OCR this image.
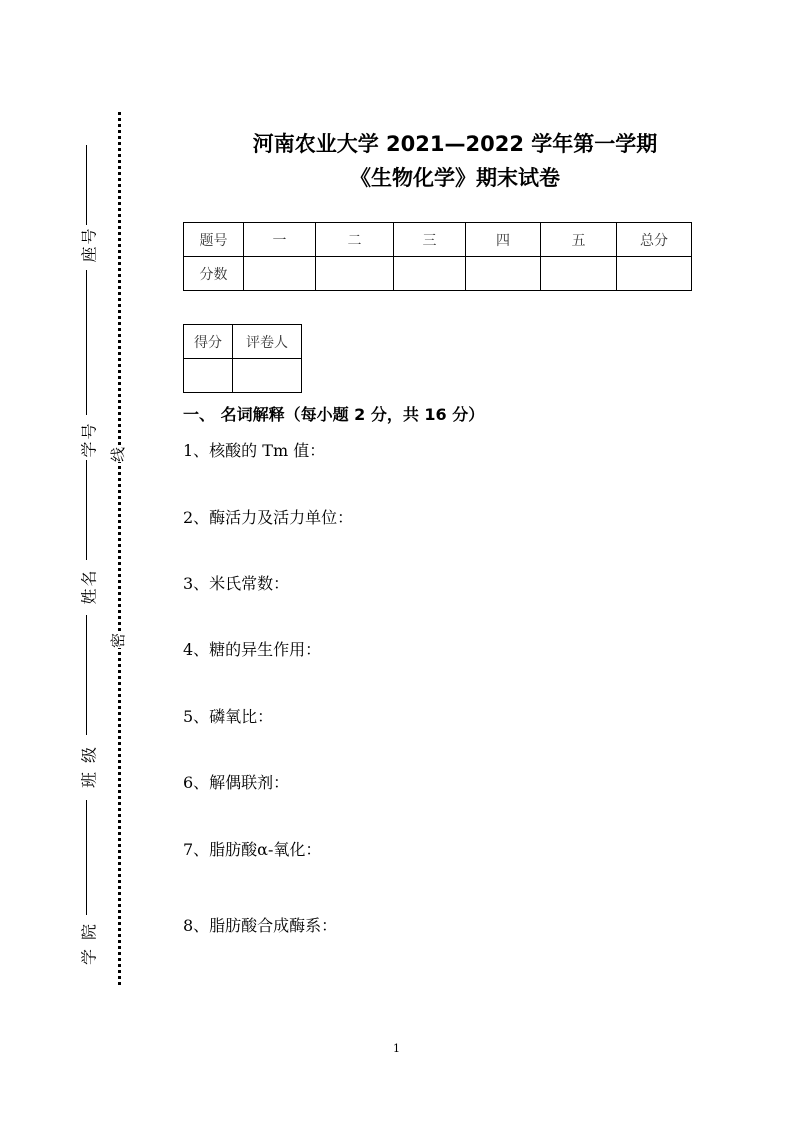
河南农业大学 2021—2022 学年第一学期
《生物化学》期末试卷
座号
学号
姓名
班 级
学 院
线
密
题号	一	二	三	四	五	总分
分数						
得分	评卷人

一、 名词解释（每小题 2 分，共 16 分）
1、核酸的 Tm 值：
2、酶活力及活力单位：
3、米氏常数：
4、糖的异生作用：
5、磷氧比：
6、解偶联剂：
7、脂肪酸α-氧化：
8、脂肪酸合成酶系：
1
